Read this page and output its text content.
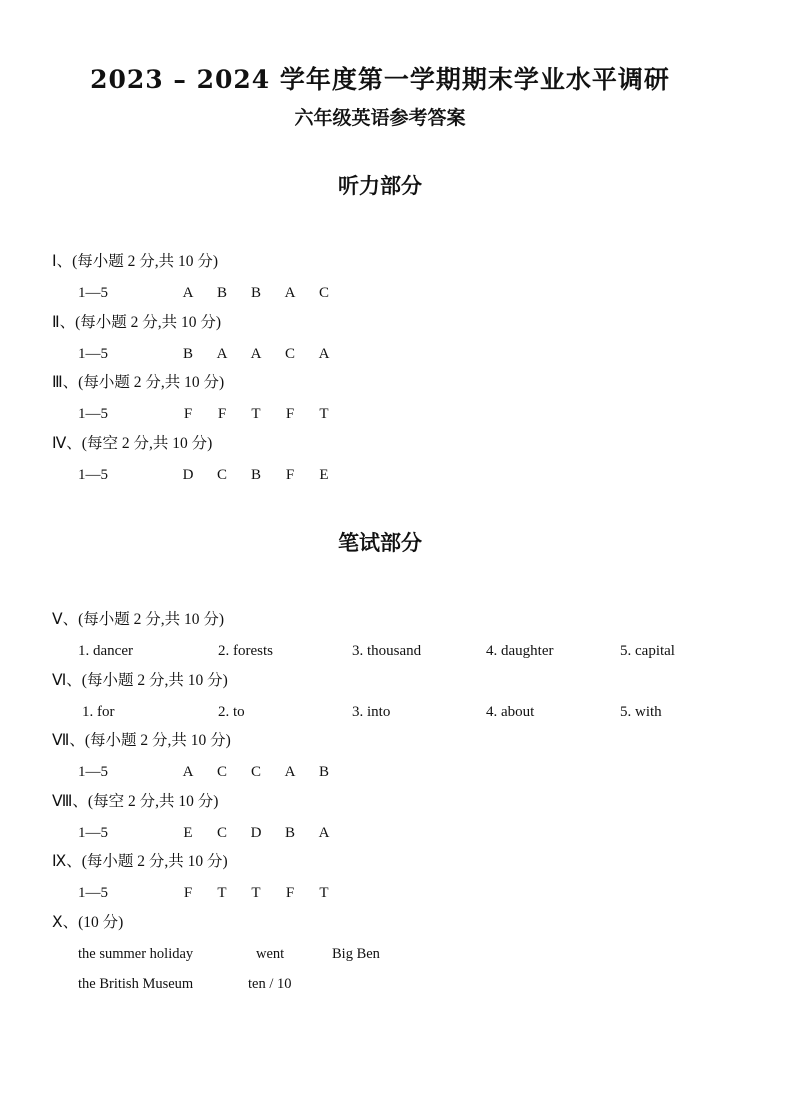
2023 – 2024 学年度第一学期期末学业水平调研
六年级英语参考答案
听力部分
Ⅰ、(每小题 2 分,共 10 分)
1—5	A	B	B	A	C
Ⅱ、(每小题 2 分,共 10 分)
1—5	B	A	A	C	A
Ⅲ、(每小题 2 分,共 10 分)
1—5	F	F	T	F	T
Ⅳ、(每空 2 分,共 10 分)
1—5	D	C	B	F	E
笔试部分
Ⅴ、(每小题 2 分,共 10 分)
1. dancer	2. forests	3. thousand	4. daughter	5. capital
Ⅵ、(每小题 2 分,共 10 分)
1. for	2. to	3. into	4. about	5. with
Ⅶ、(每小题 2 分,共 10 分)
1—5	A	C	C	A	B
Ⅷ、(每空 2 分,共 10 分)
1—5	E	C	D	B	A
Ⅸ、(每小题 2 分,共 10 分)
1—5	F	T	T	F	T
Ⅹ、(10 分)
the summer holiday	went	Big Ben
the British Museum	ten / 10
